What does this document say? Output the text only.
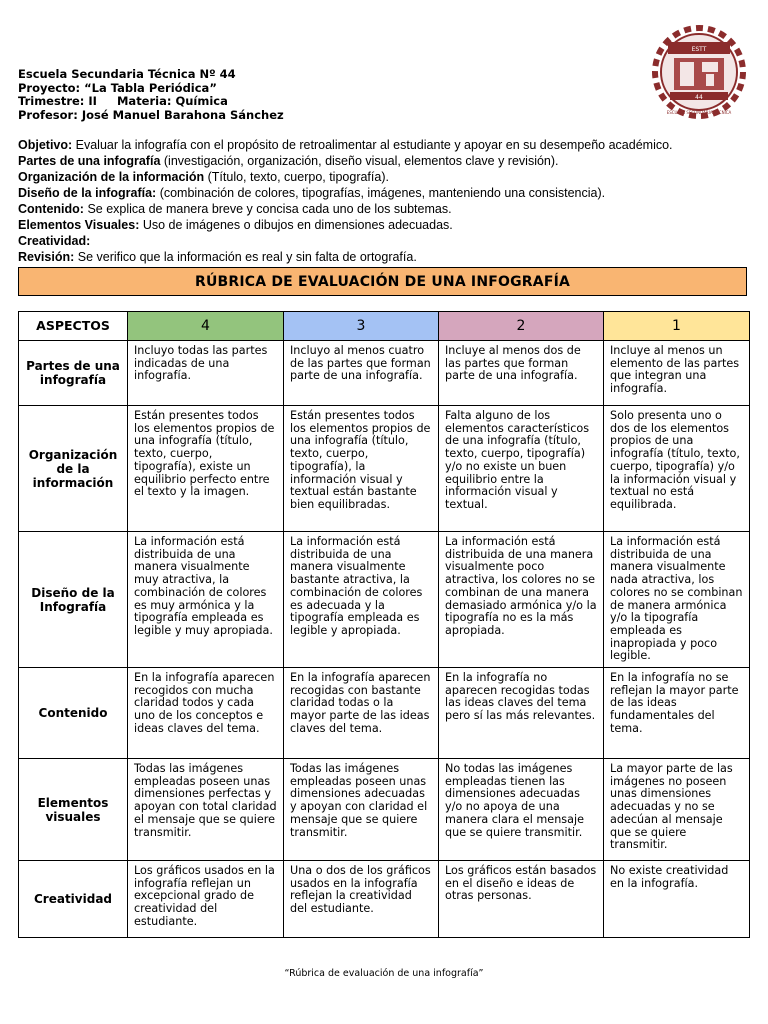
ESTT
44
ESCUELA SECUNDARIA TECNICA
Escuela Secundaria Técnica Nº 44
Proyecto: “La Tabla Periódica”
Trimestre: II Materia: Química
Profesor: José Manuel Barahona Sánchez
Objetivo: Evaluar la infografía con el propósito de retroalimentar al estudiante y apoyar en su desempeño académico.
Partes de una infografía (investigación, organización, diseño visual, elementos clave y revisión).
Organización de la información (Título, texto, cuerpo, tipografía).
Diseño de la infografía: (combinación de colores, tipografías, imágenes, manteniendo una consistencia).
Contenido: Se explica de manera breve y concisa cada uno de los subtemas.
Elementos Visuales: Uso de imágenes o dibujos en dimensiones adecuadas.
Creatividad:
Revisión: Se verifico que la información es real y sin falta de ortografía.
RÚBRICA DE EVALUACIÓN DE UNA INFOGRAFÍA
ASPECTOS	4	3	2	1
Partes de una infografía	Incluyo todas las partes indicadas de una infografía.	Incluyo al menos cuatro de las partes que forman parte de una infografía.	Incluye al menos dos de las partes que forman parte de una infografía.	Incluye al menos un elemento de las partes que integran una infografía.
Organización de la información	Están presentes todos los elementos propios de una infografía (título, texto, cuerpo, tipografía), existe un equilibrio perfecto entre el texto y la imagen.	Están presentes todos los elementos propios de una infografía (título, texto, cuerpo, tipografía), la información visual y textual están bastante bien equilibradas.	Falta alguno de los elementos característicos de una infografía (título, texto, cuerpo, tipografía) y/o no existe un buen equilibrio entre la información visual y textual.	Solo presenta uno o dos de los elementos propios de una infografía (título, texto, cuerpo, tipografía) y/o la información visual y textual no está equilibrada.
Diseño de la Infografía	La información está distribuida de una manera visualmente muy atractiva, la combinación de colores es muy armónica y la tipografía empleada es legible y muy apropiada.	La información está distribuida de una manera visualmente bastante atractiva, la combinación de colores es adecuada y la tipografía empleada es legible y apropiada.	La información está distribuida de una manera visualmente poco atractiva, los colores no se combinan de una manera demasiado armónica y/o la tipografía no es la más apropiada.	La información está distribuida de una manera visualmente nada atractiva, los colores no se combinan de manera armónica y/o la tipografía empleada es inapropiada y poco legible.
Contenido	En la infografía aparecen recogidos con mucha claridad todos y cada uno de los conceptos e ideas claves del tema.	En la infografía aparecen recogidas con bastante claridad todas o la mayor parte de las ideas claves del tema.	En la infografía no aparecen recogidas todas las ideas claves del tema pero sí las más relevantes.	En la infografía no se reflejan la mayor parte de las ideas fundamentales del tema.
Elementos visuales	Todas las imágenes empleadas poseen unas dimensiones perfectas y apoyan con total claridad el mensaje que se quiere transmitir.	Todas las imágenes empleadas poseen unas dimensiones adecuadas y apoyan con claridad el mensaje que se quiere transmitir.	No todas las imágenes empleadas tienen las dimensiones adecuadas y/o no apoya de una manera clara el mensaje que se quiere transmitir.	La mayor parte de las imágenes no poseen unas dimensiones adecuadas y no se adecúan al mensaje que se quiere transmitir.
Creatividad	Los gráficos usados en la infografía reflejan un excepcional grado de creatividad del estudiante.	Una o dos de los gráficos usados en la infografía reflejan la creatividad del estudiante.	Los gráficos están basados en el diseño e ideas de otras personas.	No existe creatividad en la infografía.
“Rúbrica de evaluación de una infografía”
